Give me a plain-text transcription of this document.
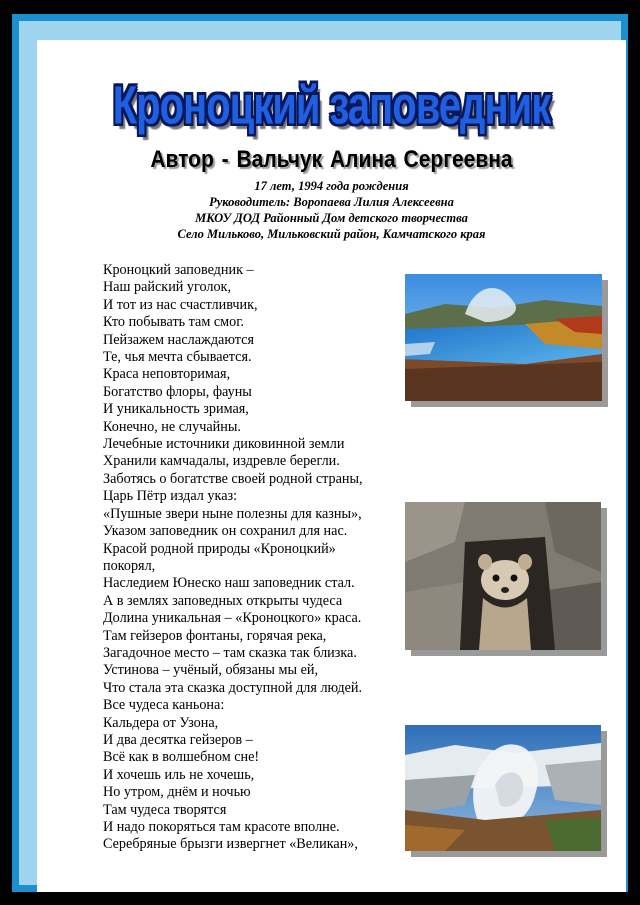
Кроноцкий заповедник
Автор - Вальчук Алина Сергеевна
17 лет, 1994 года рождения
Руководитель: Воропаева Лилия Алексеевна
МКОУ ДОД Районный Дом детского творчества
Село Мильково, Мильковский район, Камчатского края
Кроноцкий заповедник –
Наш райский уголок,
И тот из нас счастливчик,
Кто побывать там смог.
Пейзажем наслаждаются
Те, чья мечта сбывается.
Краса неповторимая,
Богатство флоры, фауны
И уникальность зримая,
Конечно, не случайны.
Лечебные источники диковинной земли
Хранили камчадалы, издревле берегли.
Заботясь о богатстве своей родной страны,
Царь Пётр издал указ:
«Пушные звери ныне полезны для казны»,
Указом заповедник он сохранил для нас.
Красой родной природы «Кроноцкий»
покорял,
Наследием Юнеско наш заповедник стал.
А в землях заповедных открыты чудеса
Долина уникальная – «Кроноцкого» краса.
Там гейзеров фонтаны, горячая река,
Загадочное место – там сказка так близка.
Устинова – учёный, обязаны мы ей,
Что стала эта сказка доступной для людей.
Все чудеса каньона:
Кальдера от Узона,
И два десятка гейзеров –
Всё как в волшебном сне!
И хочешь иль не хочешь,
Но утром, днём и ночью
Там чудеса творятся
И надо покоряться там красоте вполне.
Серебряные брызги извергнет «Великан»,
